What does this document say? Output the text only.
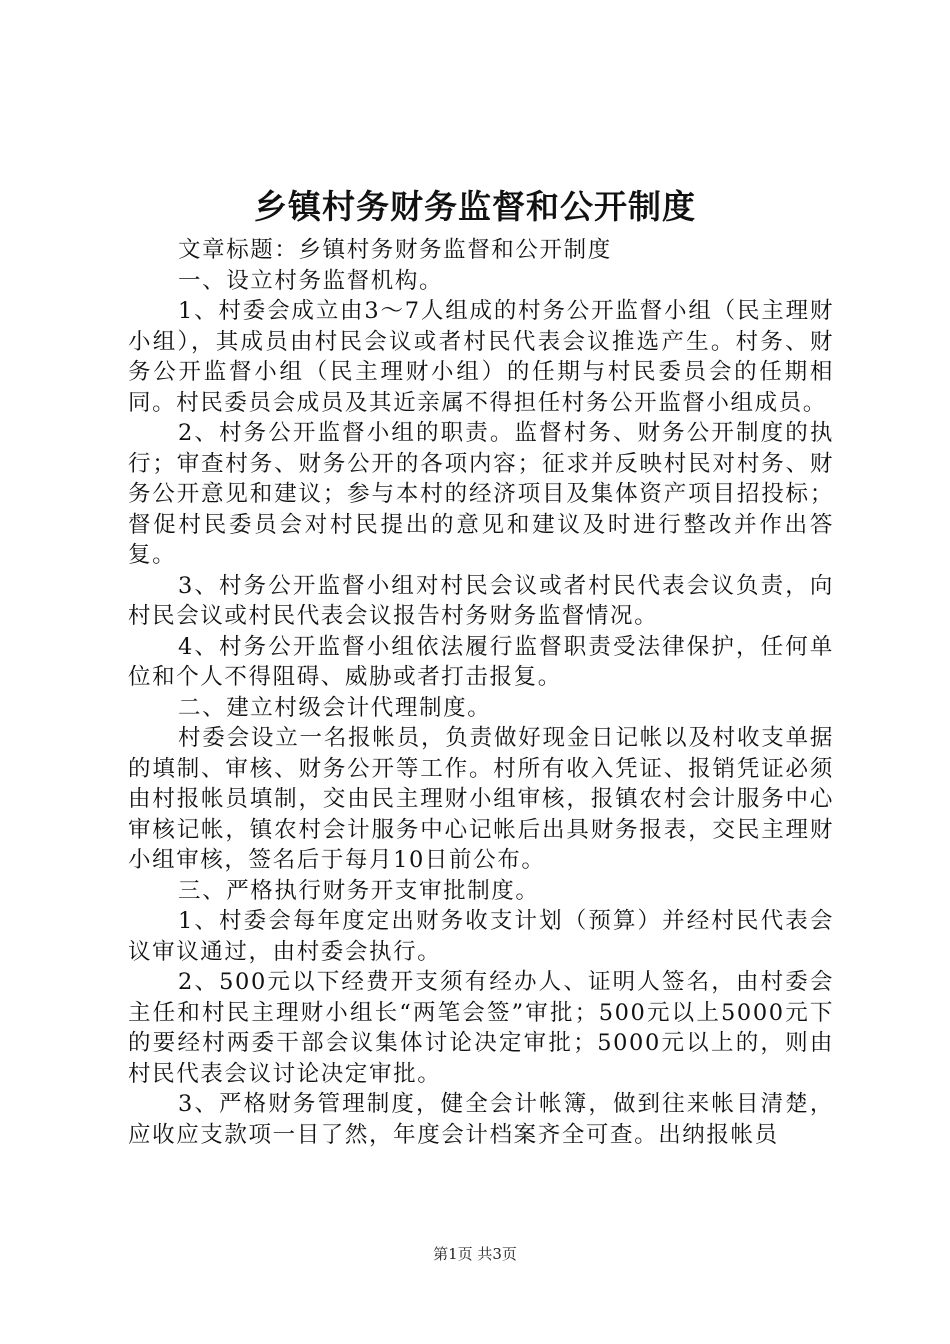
乡镇村务财务监督和公开制度

文章标题：乡镇村务财务监督和公开制度

一、设立村务监督机构。

1、村委会成立由3～7人组成的村务公开监督小组（民主理财小组），其成员由村民会议或者村民代表会议推选产生。村务、财务公开监督小组（民主理财小组）的任期与村民委员会的任期相同。村民委员会成员及其近亲属不得担任村务公开监督小组成员。

2、村务公开监督小组的职责。监督村务、财务公开制度的执行；审查村务、财务公开的各项内容；征求并反映村民对村务、财务公开意见和建议；参与本村的经济项目及集体资产项目招投标；督促村民委员会对村民提出的意见和建议及时进行整改并作出答复。

3、村务公开监督小组对村民会议或者村民代表会议负责，向村民会议或村民代表会议报告村务财务监督情况。

4、村务公开监督小组依法履行监督职责受法律保护，任何单位和个人不得阻碍、威胁或者打击报复。

二、建立村级会计代理制度。

村委会设立一名报帐员，负责做好现金日记帐以及村收支单据的填制、审核、财务公开等工作。村所有收入凭证、报销凭证必须由村报帐员填制，交由民主理财小组审核，报镇农村会计服务中心审核记帐，镇农村会计服务中心记帐后出具财务报表，交民主理财小组审核，签名后于每月10日前公布。

三、严格执行财务开支审批制度。

1、村委会每年度定出财务收支计划（预算）并经村民代表会议审议通过，由村委会执行。

2、500元以下经费开支须有经办人、证明人签名，由村委会主任和村民主理财小组长“两笔会签”审批；500元以上5000元下的要经村两委干部会议集体讨论决定审批；5000元以上的，则由村民代表会议讨论决定审批。

3、严格财务管理制度，健全会计帐簿，做到往来帐目清楚，应收应支款项一目了然，年度会计档案齐全可查。出纳报帐员

第1页 共3页
